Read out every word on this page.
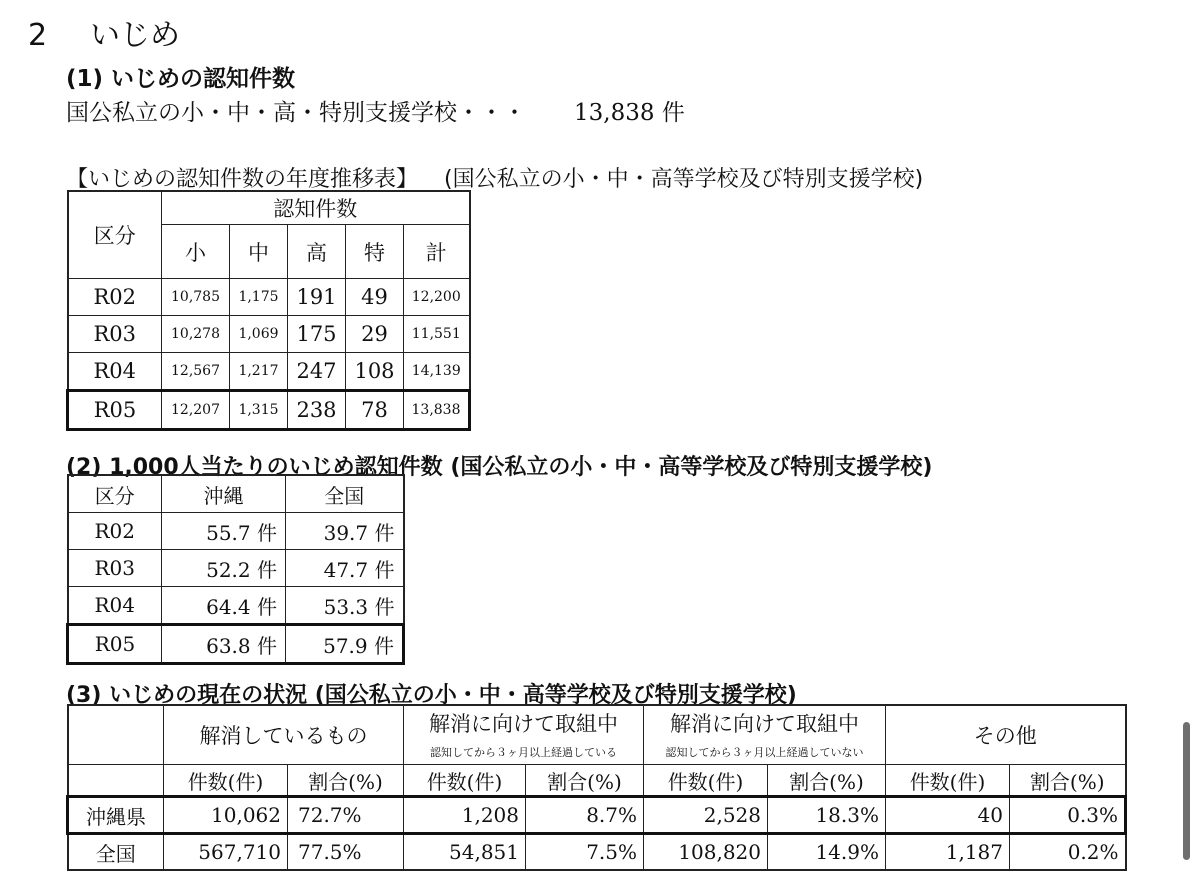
2 いじめ
(1) いじめの認知件数
国公私立の小・中・高・特別支援学校・・・ 13,838 件
【いじめの認知件数の年度推移表】 (国公私立の小・中・高等学校及び特別支援学校)
区分	認知件数				
	小	中	高	特	計
R02	10,785	1,175	191	49	12,200
R03	10,278	1,069	175	29	11,551
R04	12,567	1,217	247	108	14,139
R05	12,207	1,315	238	78	13,838
(2) 1,000人当たりのいじめ認知件数 (国公私立の小・中・高等学校及び特別支援学校)
区分	沖縄	全国
R02	55.7 件	39.7 件
R03	52.2 件	47.7 件
R04	64.4 件	53.3 件
R05	63.8 件	57.9 件
(3) いじめの現在の状況 (国公私立の小・中・高等学校及び特別支援学校)
	解消しているもの		解消に向けて取組中		解消に向けて取組中		その他	
			認知してから３ヶ月以上経過している		認知してから３ヶ月以上経過していない			
	件数(件)	割合(%)	件数(件)	割合(%)	件数(件)	割合(%)	件数(件)	割合(%)
沖縄県	10,062	72.7%	1,208	8.7%	2,528	18.3%	40	0.3%
全国	567,710	77.5%	54,851	7.5%	108,820	14.9%	1,187	0.2%
